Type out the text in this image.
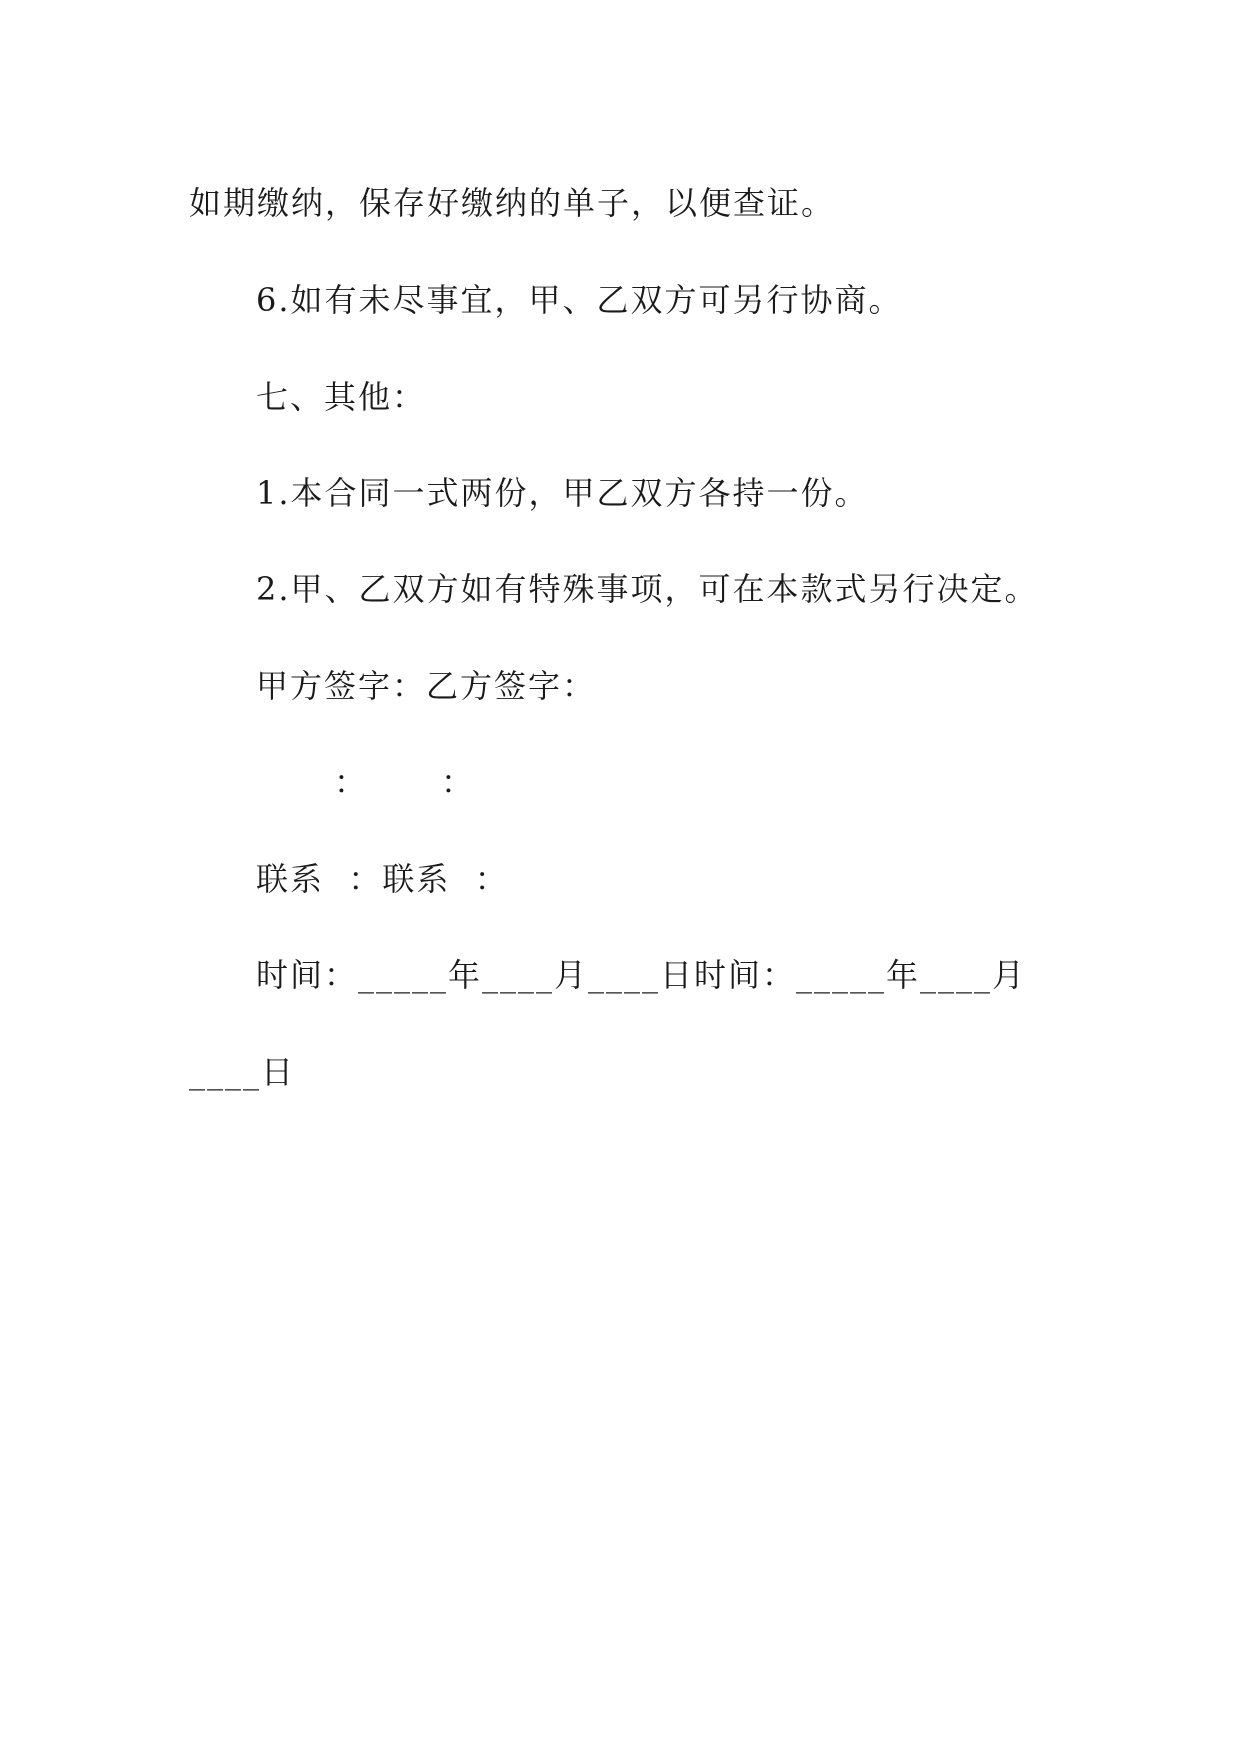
如期缴纳，保存好缴纳的单子，以便查证。
6.如有未尽事宜，甲、乙双方可另行协商。
七、其他：
1.本合同一式两份，甲乙双方各持一份。
2.甲、乙双方如有特殊事项，可在本款式另行决定。
甲方签字：乙方签字：
：      ：
联系  ：联系  ：
时间：_____年____月____日时间：_____年____月
____日
